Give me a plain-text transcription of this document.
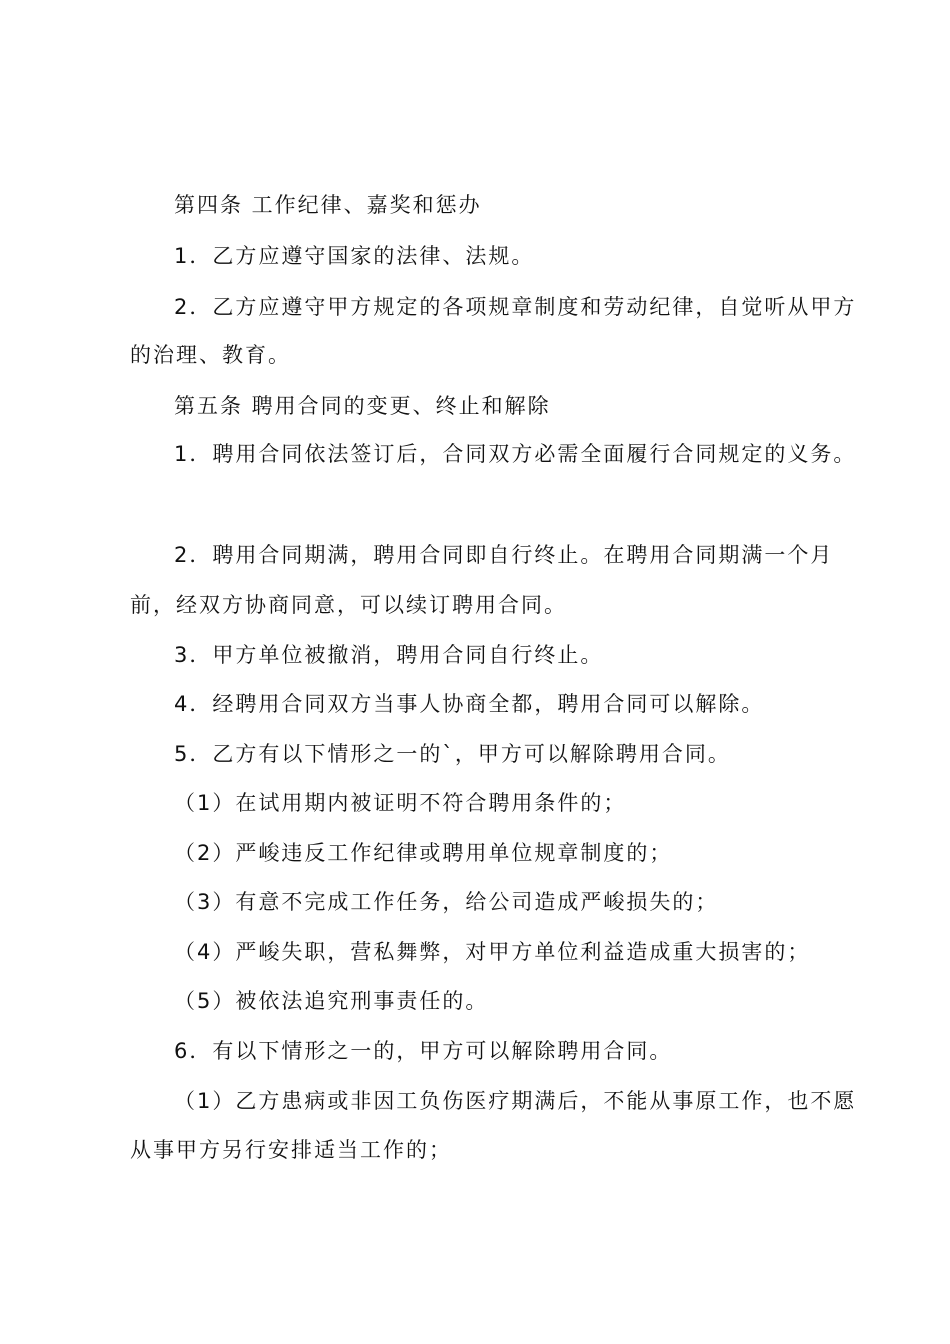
第四条 工作纪律、嘉奖和惩办
1．乙方应遵守国家的法律、法规。
2．乙方应遵守甲方规定的各项规章制度和劳动纪律，自觉听从甲方
的治理、教育。
第五条 聘用合同的变更、终止和解除
1．聘用合同依法签订后，合同双方必需全面履行合同规定的义务。
2．聘用合同期满，聘用合同即自行终止。在聘用合同期满一个月
前，经双方协商同意，可以续订聘用合同。
3．甲方单位被撤消，聘用合同自行终止。
4．经聘用合同双方当事人协商全都，聘用合同可以解除。
5．乙方有以下情形之一的`，甲方可以解除聘用合同。
（1）在试用期内被证明不符合聘用条件的；
（2）严峻违反工作纪律或聘用单位规章制度的；
（3）有意不完成工作任务，给公司造成严峻损失的；
（4）严峻失职，营私舞弊，对甲方单位利益造成重大损害的；
（5）被依法追究刑事责任的。
6．有以下情形之一的，甲方可以解除聘用合同。
（1）乙方患病或非因工负伤医疗期满后，不能从事原工作，也不愿
从事甲方另行安排适当工作的；
